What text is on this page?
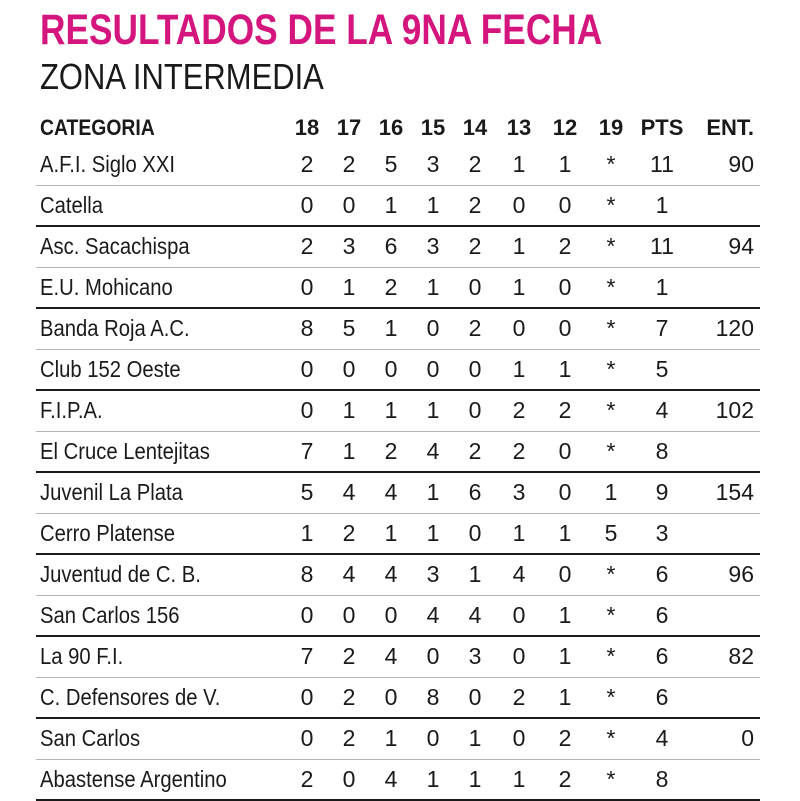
RESULTADOS DE LA 9NA FECHA
ZONA INTERMEDIA
CATEGORIA	18	17	16	15	14	13	12	19	PTS	ENT.
A.F.I. Siglo XXI	2	2	5	3	2	1	1	*	11	90
Catella	0	0	1	1	2	0	0	*	1	
Asc. Sacachispa	2	3	6	3	2	1	2	*	11	94
E.U. Mohicano	0	1	2	1	0	1	0	*	1	
Banda Roja A.C.	8	5	1	0	2	0	0	*	7	120
Club 152 Oeste	0	0	0	0	0	1	1	*	5	
F.I.P.A.	0	1	1	1	0	2	2	*	4	102
El Cruce Lentejitas	7	1	2	4	2	2	0	*	8	
Juvenil La Plata	5	4	4	1	6	3	0	1	9	154
Cerro Platense	1	2	1	1	0	1	1	5	3	
Juventud de C. B.	8	4	4	3	1	4	0	*	6	96
San Carlos 156	0	0	0	4	4	0	1	*	6	
La 90 F.I.	7	2	4	0	3	0	1	*	6	82
C. Defensores de V.	0	2	0	8	0	2	1	*	6	
San Carlos	0	2	1	0	1	0	2	*	4	0
Abastense Argentino	2	0	4	1	1	1	2	*	8	
